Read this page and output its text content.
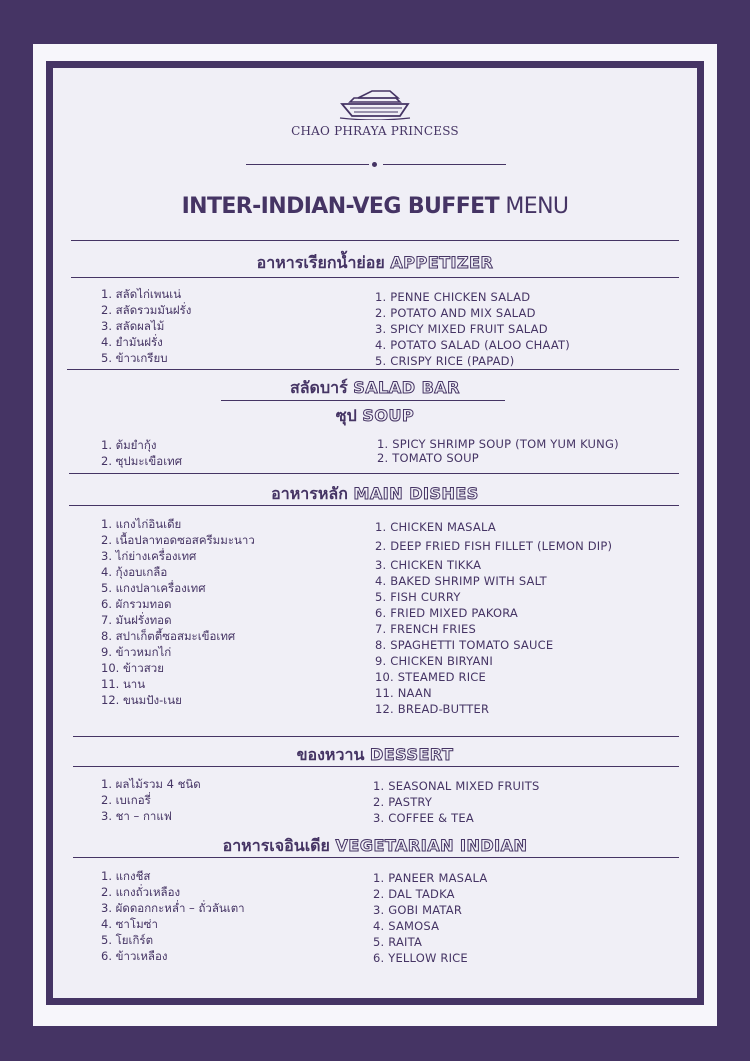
CHAO PHRAYA PRINCESS
INTER-INDIAN-VEG BUFFET MENU
อาหารเรียกน้ำย่อย APPETIZER
1. สลัดไก่เพนเน่
2. สลัดรวมมันฝรั่ง
3. สลัดผลไม้
4. ยำมันฝรั่ง
5. ข้าวเกรียบ
1. PENNE CHICKEN SALAD
2. POTATO AND MIX SALAD
3. SPICY MIXED FRUIT SALAD
4. POTATO SALAD (ALOO CHAAT)
5. CRISPY RICE (PAPAD)
สลัดบาร์ SALAD BAR
ซุป SOUP
1. ต้มยำกุ้ง
2. ซุปมะเขือเทศ
1. SPICY SHRIMP SOUP (TOM YUM KUNG)
2. TOMATO SOUP
อาหารหลัก MAIN DISHES
1. แกงไก่อินเดีย
2. เนื้อปลาทอดซอสครีมมะนาว
3. ไก่ย่างเครื่องเทศ
4. กุ้งอบเกลือ
5. แกงปลาเครื่องเทศ
6. ผักรวมทอด
7. มันฝรั่งทอด
8. สปาเก็ตตี้ซอสมะเขือเทศ
9. ข้าวหมกไก่
10. ข้าวสวย
11. นาน
12. ขนมปัง-เนย
1. CHICKEN MASALA
2. DEEP FRIED FISH FILLET (LEMON DIP)
3. CHICKEN TIKKA
4. BAKED SHRIMP WITH SALT
5. FISH CURRY
6. FRIED MIXED PAKORA
7. FRENCH FRIES
8. SPAGHETTI TOMATO SAUCE
9. CHICKEN BIRYANI
10. STEAMED RICE
11. NAAN
12. BREAD-BUTTER
ของหวาน DESSERT
1. ผลไม้รวม 4 ชนิด
2. เบเกอรี่
3. ชา – กาแฟ
1. SEASONAL MIXED FRUITS
2. PASTRY
3. COFFEE & TEA
อาหารเจอินเดีย VEGETARIAN INDIAN
1. แกงชีส
2. แกงถั่วเหลือง
3. ผัดดอกกะหล่ำ – ถั่วลันเตา
4. ซาโมซ่า
5. โยเกิร์ต
6. ข้าวเหลือง
1. PANEER MASALA
2. DAL TADKA
3. GOBI MATAR
4. SAMOSA
5. RAITA
6. YELLOW RICE
